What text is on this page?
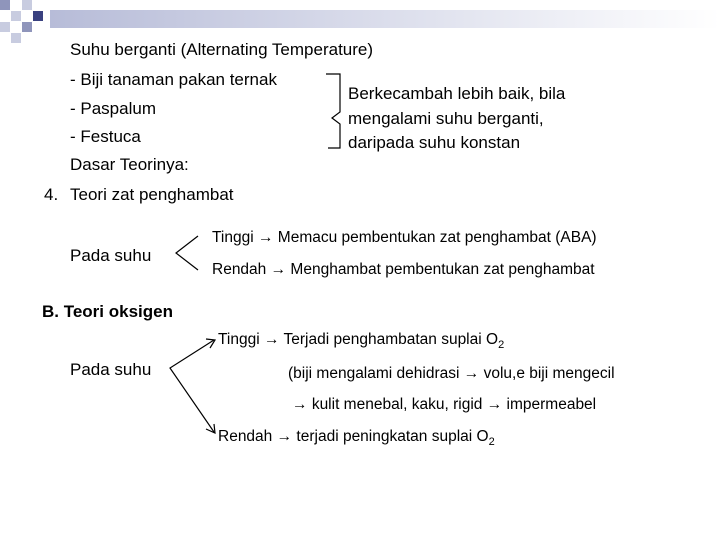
Suhu berganti (Alternating Temperature)
- Biji tanaman pakan ternak
- Paspalum
- Festuca
Berkecambah lebih baik, bila
mengalami suhu berganti,
daripada suhu konstan
Dasar Teorinya:
4. Teori zat penghambat
Pada suhu
Tinggi → Memacu pembentukan zat penghambat (ABA)
Rendah → Menghambat pembentukan zat penghambat
B. Teori oksigen
Tinggi → Terjadi penghambatan suplai $O_2$
Pada suhu	(biji mengalami dehidrasi → volu,e biji mengecil
→ kulit menebal, kaku, rigid → impermeabel
Rendah → terjadi peningkatan suplai $O_2$
